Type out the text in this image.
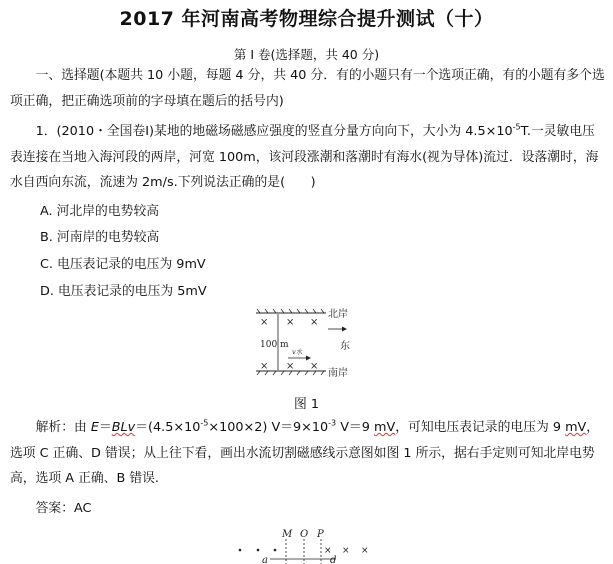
2017 年河南高考物理综合提升测试（十）
第 I 卷(选择题，共 40 分)

一、选择题(本题共 10 小题，每题 4 分，共 40 分．有的小题只有一个选项正确，有的小题有多个选项正确，把正确选项前的字母填在题后的括号内)

1．(2010・全国卷Ⅰ)某地的地磁场磁感应强度的竖直分量方向向下，大小为 $4.5\times 10^{-5}T$.一灵敏电压表连接在当地入海河段的两岸，河宽 100m，该河段涨潮和落潮时有海水(视为导体)流过．设落潮时，海水自西向东流，流速为 2m/s.下列说法正确的是(　　)

A. 河北岸的电势较高
B. 河南岸的电势较高
C. 电压表记录的电压为 9mV
D. 电压表记录的电压为 5mV
× × ×
× × ×
100 m
v水
北岸
东
南岸
图 1

解析：由 $E=BLv=(4.5\times 10^{-5}\times 100\times 2)$ $V=9\times 10^{-3}$ V＝9 mV，可知电压表记录的电压为 9 mV，选项 C 正确、D 错误；从上往下看，画出水流切割磁感线示意图如图 1 所示，据右手定则可知北岸电势高，选项 A 正确、B 错误.

答案：AC

M O P
× × ×
a	d
